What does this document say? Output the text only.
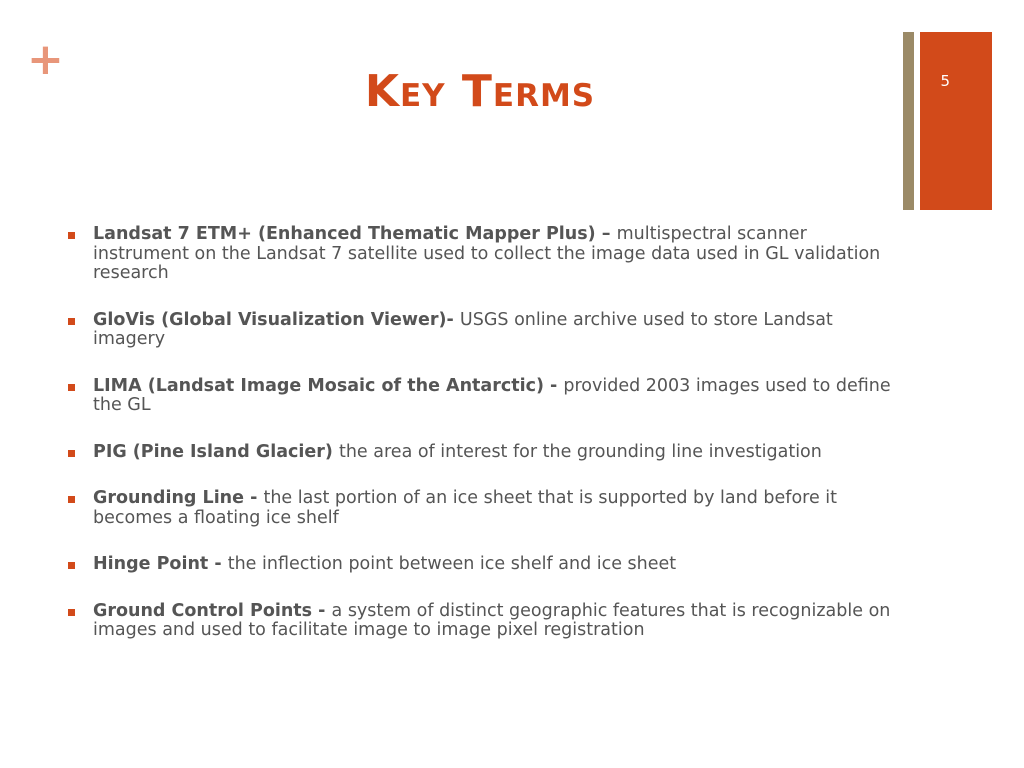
+
Key Terms	5
Landsat 7 ETM+ (Enhanced Thematic Mapper Plus) – multispectral scanner instrument on the Landsat 7 satellite used to collect the image data used in GL validation research
GloVis (Global Visualization Viewer)- USGS online archive used to store Landsat imagery
LIMA (Landsat Image Mosaic of the Antarctic) - provided 2003 images used to define the GL
PIG (Pine Island Glacier) the area of interest for the grounding line investigation
Grounding Line - the last portion of an ice sheet that is supported by land before it becomes a floating ice shelf
Hinge Point - the inflection point between ice shelf and ice sheet
Ground Control Points - a system of distinct geographic features that is recognizable on images and used to facilitate image to image pixel registration
